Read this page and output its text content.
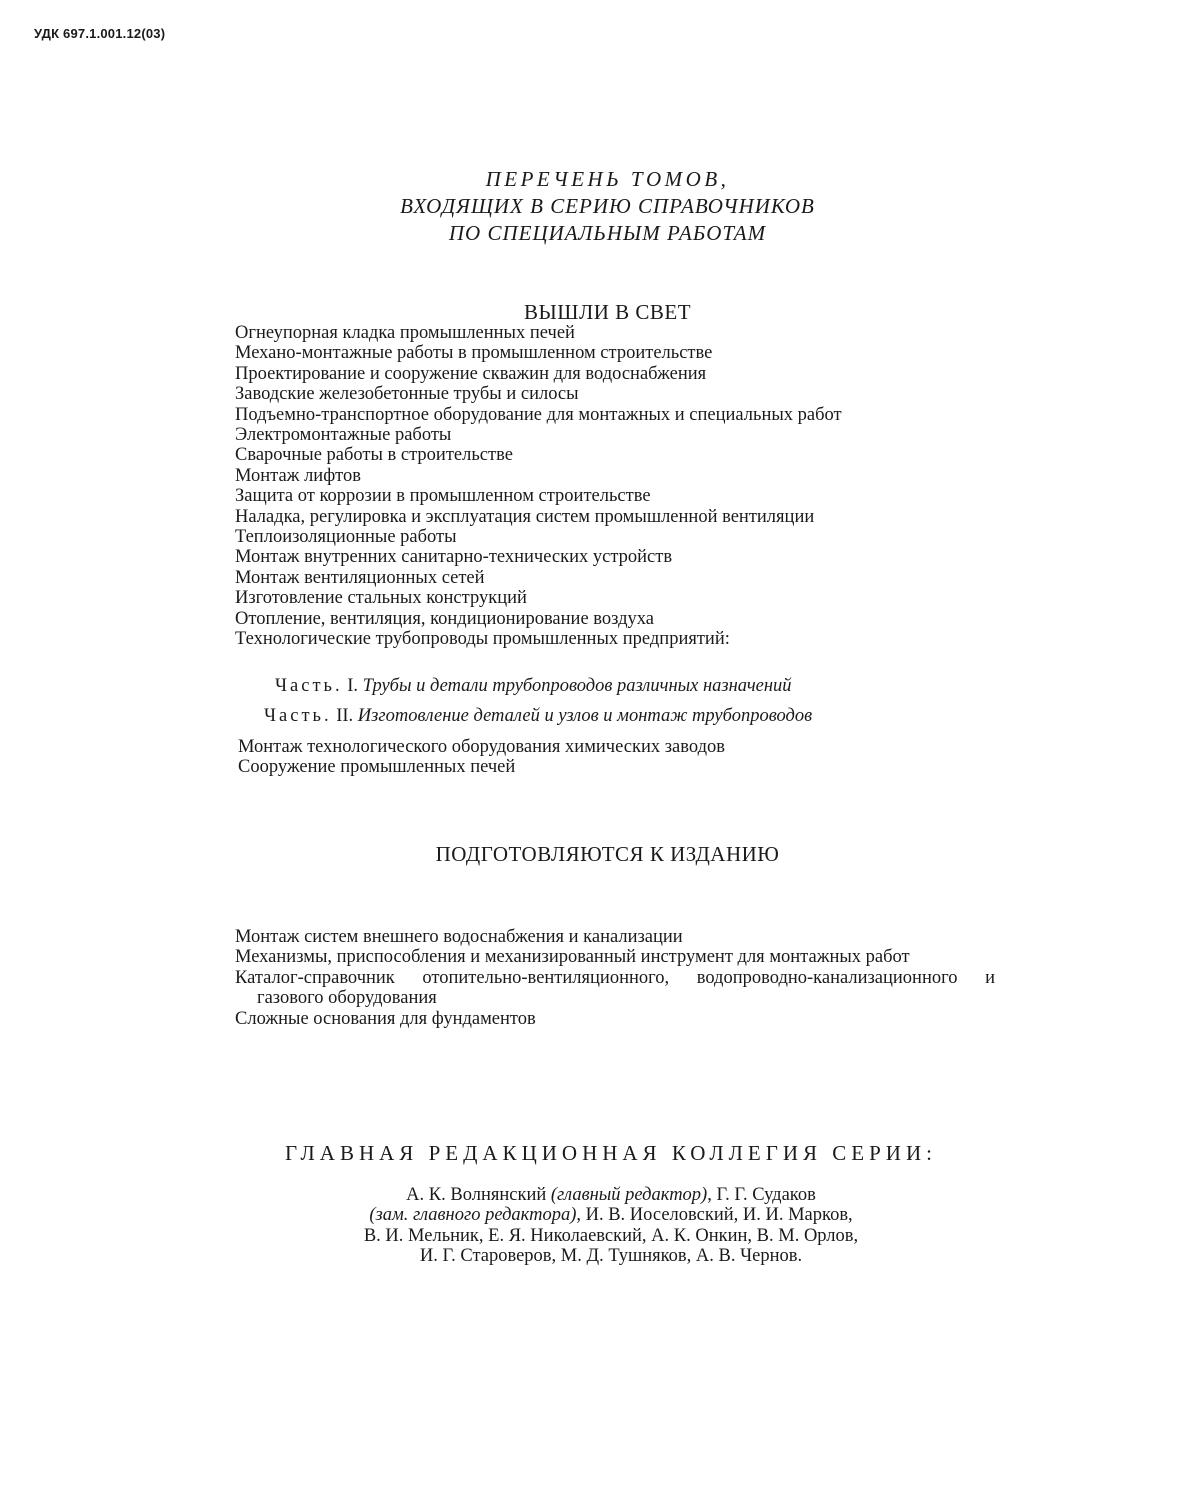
УДК 697.1.001.12(03)
ПЕРЕЧЕНЬ ТОМОВ,
ВХОДЯЩИХ В СЕРИЮ СПРАВОЧНИКОВ
ПО СПЕЦИАЛЬНЫМ РАБОТАМ
ВЫШЛИ В СВЕТ
Огнеупорная кладка промышленных печей
Механо-монтажные работы в промышленном строительстве
Проектирование и сооружение скважин для водоснабжения
Заводские железобетонные трубы и силосы
Подъемно-транспортное оборудование для монтажных и специальных работ
Электромонтажные работы
Сварочные работы в строительстве
Монтаж лифтов
Защита от коррозии в промышленном строительстве
Наладка, регулировка и эксплуатация систем промышленной вентиляции
Теплоизоляционные работы
Монтаж внутренних санитарно-технических устройств
Монтаж вентиляционных сетей
Изготовление стальных конструкций
Отопление, вентиляция, кондиционирование воздуха
Технологические трубопроводы промышленных предприятий:
Часть. I. Трубы и детали трубопроводов различных назначений
Часть. II. Изготовление деталей и узлов и монтаж трубопроводов
Монтаж технологического оборудования химических заводов
Сооружение промышленных печей
ПОДГОТОВЛЯЮТСЯ К ИЗДАНИЮ
Монтаж систем внешнего водоснабжения и канализации
Механизмы, приспособления и механизированный инструмент для монтажных работ
Каталог-справочник отопительно-вентиляционного, водопроводно-канализационного и газового оборудования
Сложные основания для фундаментов
ГЛАВНАЯ РЕДАКЦИОННАЯ КОЛЛЕГИЯ СЕРИИ:
А. К. Волнянский (главный редактор), Г. Г. Судаков
(зам. главного редактора), И. В. Иоселовский, И. И. Марков,
В. И. Мельник, Е. Я. Николаевский, А. К. Онкин, В. М. Орлов,
И. Г. Староверов, М. Д. Тушняков, А. В. Чернов.
